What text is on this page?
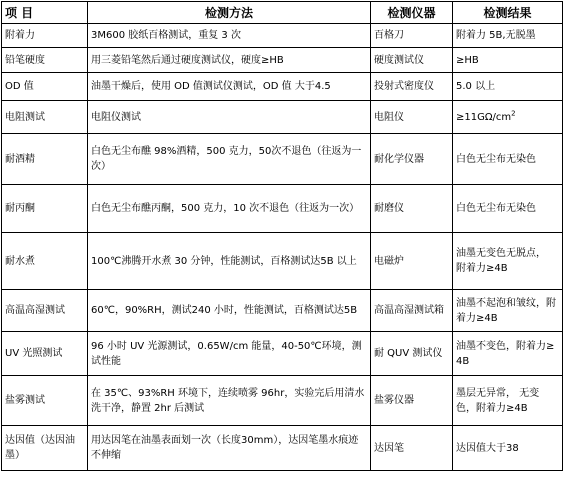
项 目	检测方法	检测仪器	检测结果
附着力	3M600 胶纸百格测试，重复 3 次	百格刀	附着力 5B,无脱墨
铅笔硬度	用三菱铅笔然后通过硬度测试仪，硬度≥HB	硬度测试仪	≥HB
OD 值	油墨干燥后，使用 OD 值测试仪测试，OD 值 大于4.5	投射式密度仪	5.0 以上
电阻测试	电阻仪测试	电阻仪	$\ge 11G\Omega/cm^2$
耐酒精	白色无尘布醮 98%酒精，500 克力，50次不退色（往返为一次）	耐化学仪器	白色无尘布无染色
耐丙酮	白色无尘布醮丙酮，500 克力，10 次不退色（往返为一次）	耐磨仪	白色无尘布无染色
耐水煮	100℃沸腾开水煮 30 分钟，性能测试，百格测试达5B 以上	电磁炉	油墨无变色无脱点， 附着力≥4B
高温高湿测试	60℃，90%RH，测试240 小时，性能测试，百格测试达5B	高温高湿测试箱	油墨不起泡和皱纹，附着力≥4B
UV 光照测试	96 小时 UV 光源测试，0.65W/cm 能量，40-50℃环境，测试性能	耐 QUV 测试仪	油墨不变色，附着力≥4B
盐雾测试	在 35℃、93%RH 环境下，连续喷雾 96hr，实验完后用清水洗干净，静置 2hr 后测试	盐雾仪器	墨层无异常， 无变色，附着力≥4B
达因值（达因油墨）	用达因笔在油墨表面划一次（长度30mm），达因笔墨水痕迹不伸缩	达因笔	达因值大于38
